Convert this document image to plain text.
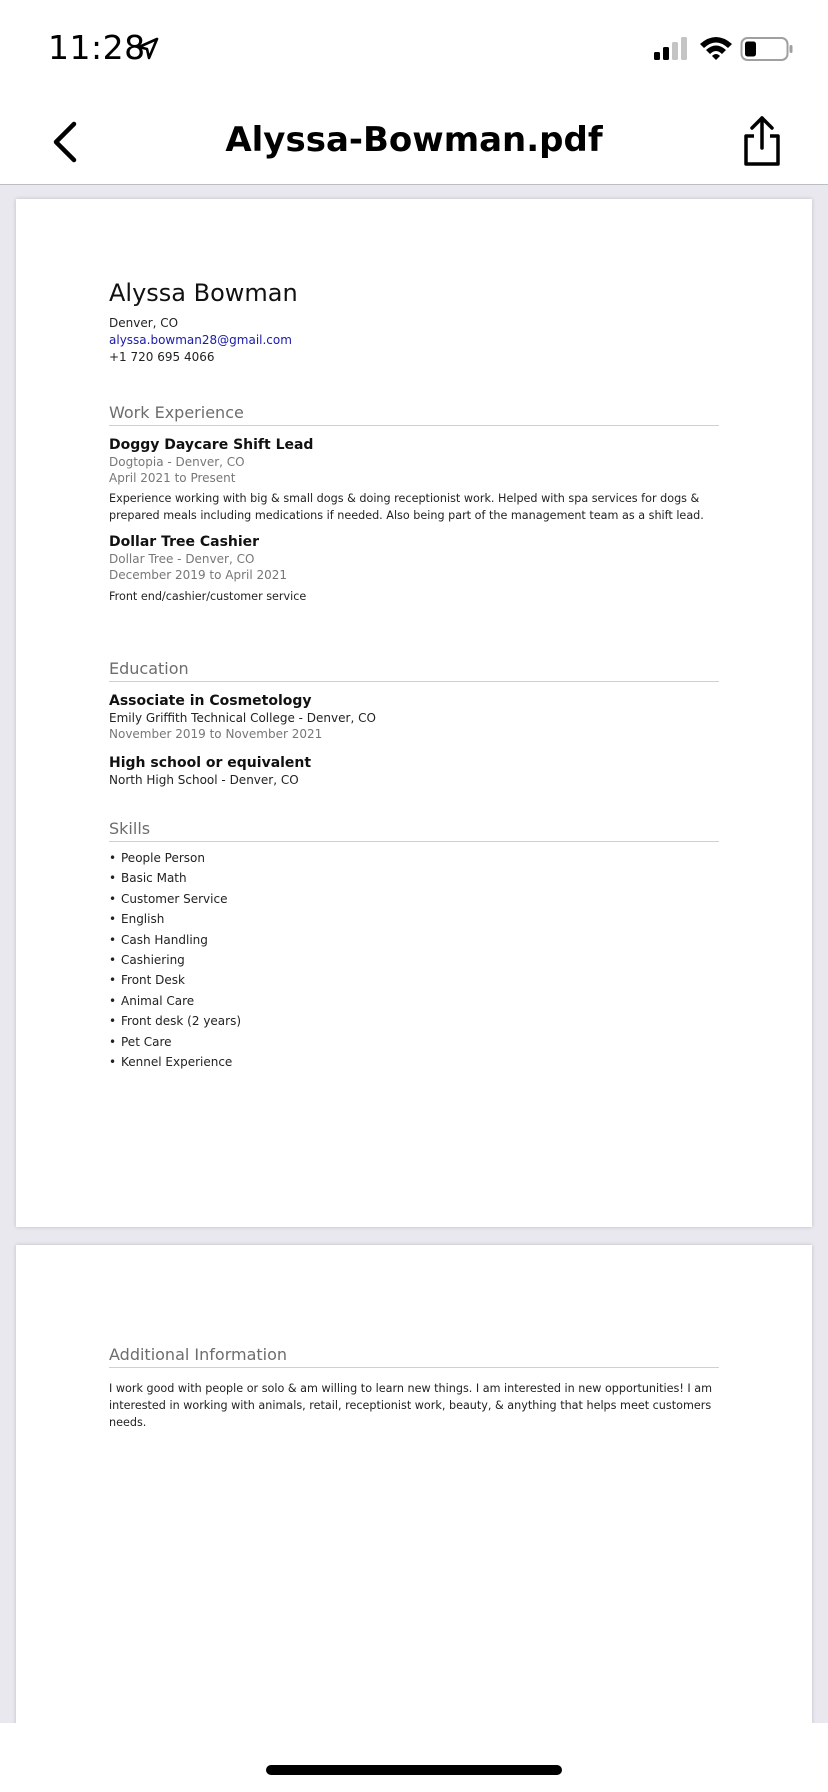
11:28
Alyssa-Bowman.pdf
Alyssa Bowman
Denver, CO
alyssa.bowman28@gmail.com
+1 720 695 4066
Work Experience
Doggy Daycare Shift Lead
Dogtopia - Denver, CO
April 2021 to Present
Experience working with big & small dogs & doing receptionist work. Helped with spa services for dogs & prepared meals including medications if needed. Also being part of the management team as a shift lead.
Dollar Tree Cashier
Dollar Tree - Denver, CO
December 2019 to April 2021
Front end/cashier/customer service
Education
Associate in Cosmetology
Emily Griffith Technical College - Denver, CO
November 2019 to November 2021
High school or equivalent
North High School - Denver, CO
Skills
• People Person
• Basic Math
• Customer Service
• English
• Cash Handling
• Cashiering
• Front Desk
• Animal Care
• Front desk (2 years)
• Pet Care
• Kennel Experience
Additional Information
I work good with people or solo & am willing to learn new things. I am interested in new opportunities! I am interested in working with animals, retail, receptionist work, beauty, & anything that helps meet customers needs.
